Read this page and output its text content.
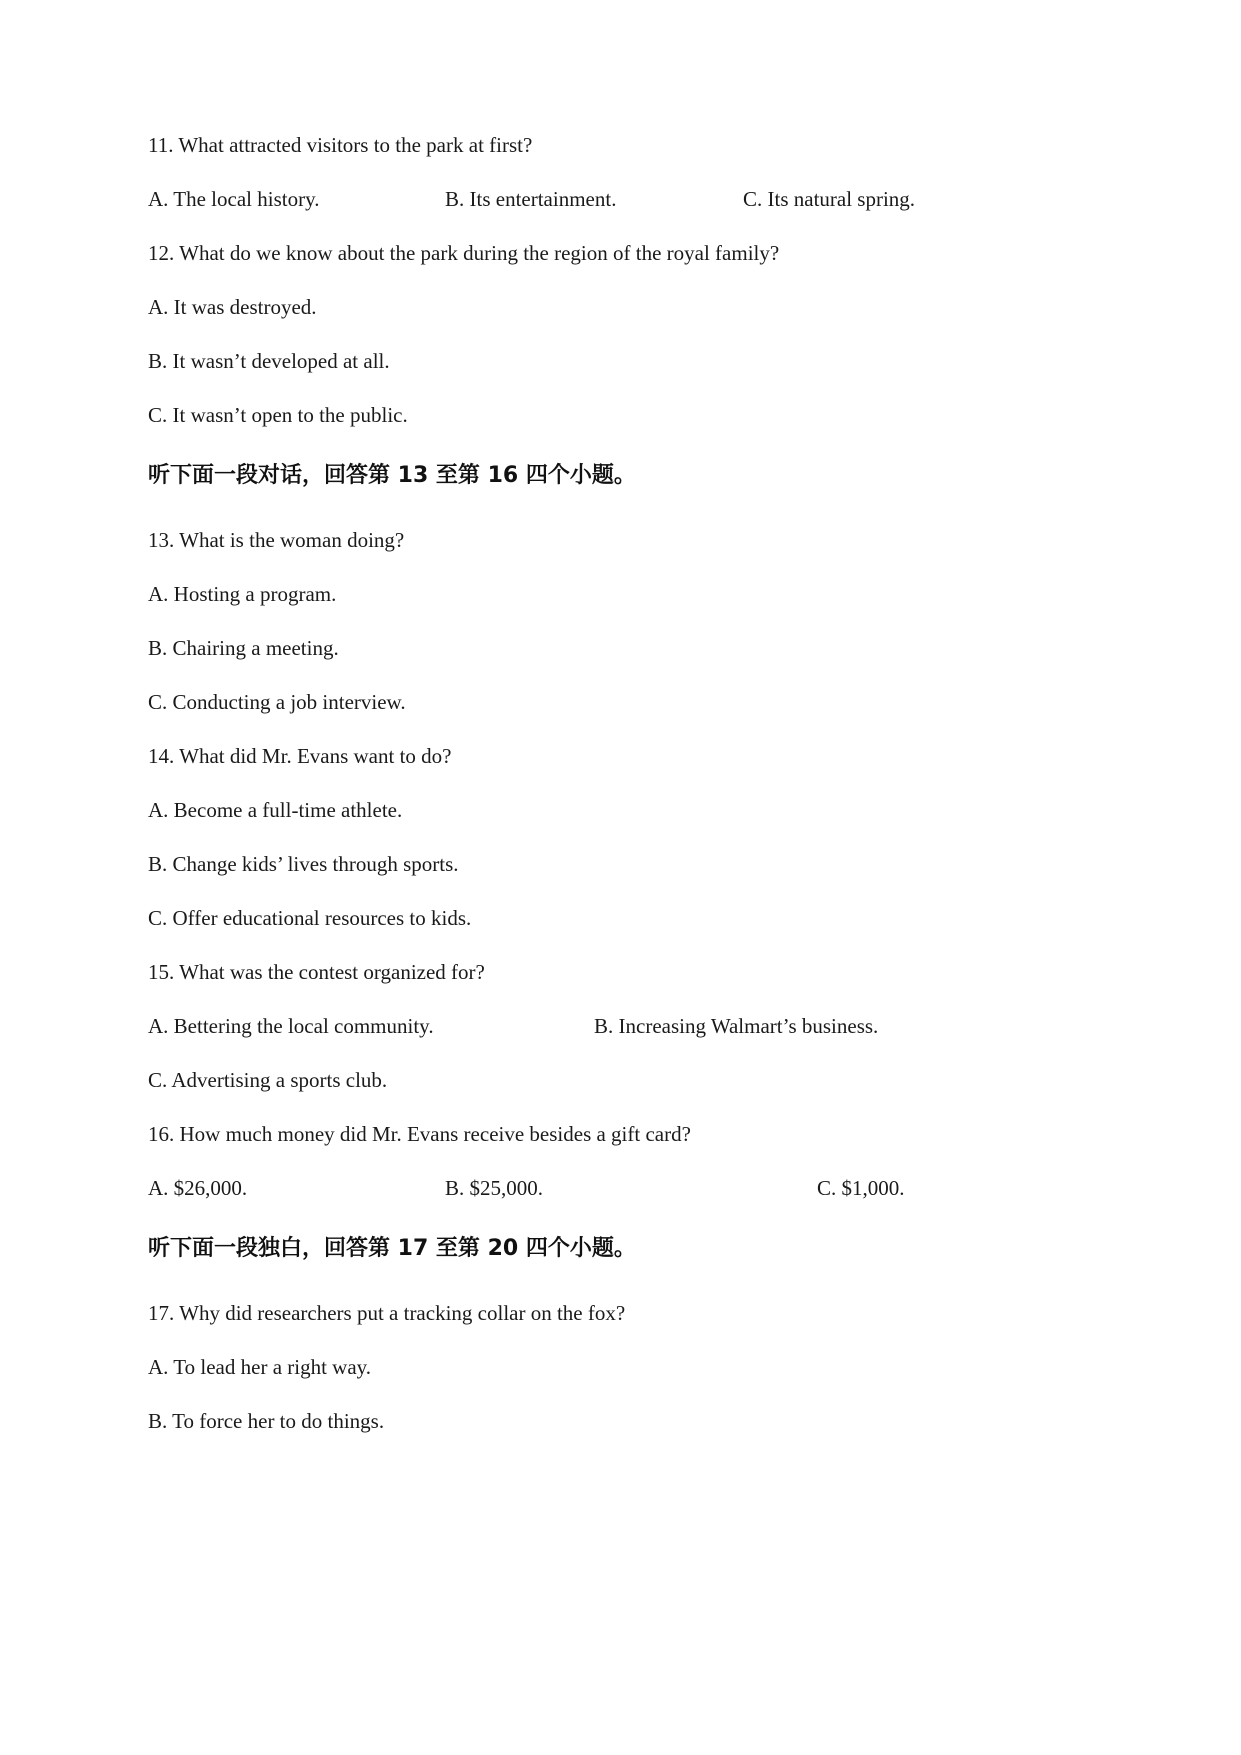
11. What attracted visitors to the park at first?
A. The local history.	B. Its entertainment.	C. Its natural spring.
12. What do we know about the park during the region of the royal family?
A. It was destroyed.
B. It wasn’t developed at all.
C. It wasn’t open to the public.
听下面一段对话，回答第 13 至第 16 四个小题。
13. What is the woman doing?
A. Hosting a program.
B. Chairing a meeting.
C. Conducting a job interview.
14. What did Mr. Evans want to do?
A. Become a full-time athlete.
B. Change kids’ lives through sports.
C. Offer educational resources to kids.
15. What was the contest organized for?
A. Bettering the local community.	B. Increasing Walmart’s business.
C. Advertising a sports club.
16. How much money did Mr. Evans receive besides a gift card?
A. $26,000.	B. $25,000.	C. $1,000.
听下面一段独白，回答第 17 至第 20 四个小题。
17. Why did researchers put a tracking collar on the fox?
A. To lead her a right way.
B. To force her to do things.
